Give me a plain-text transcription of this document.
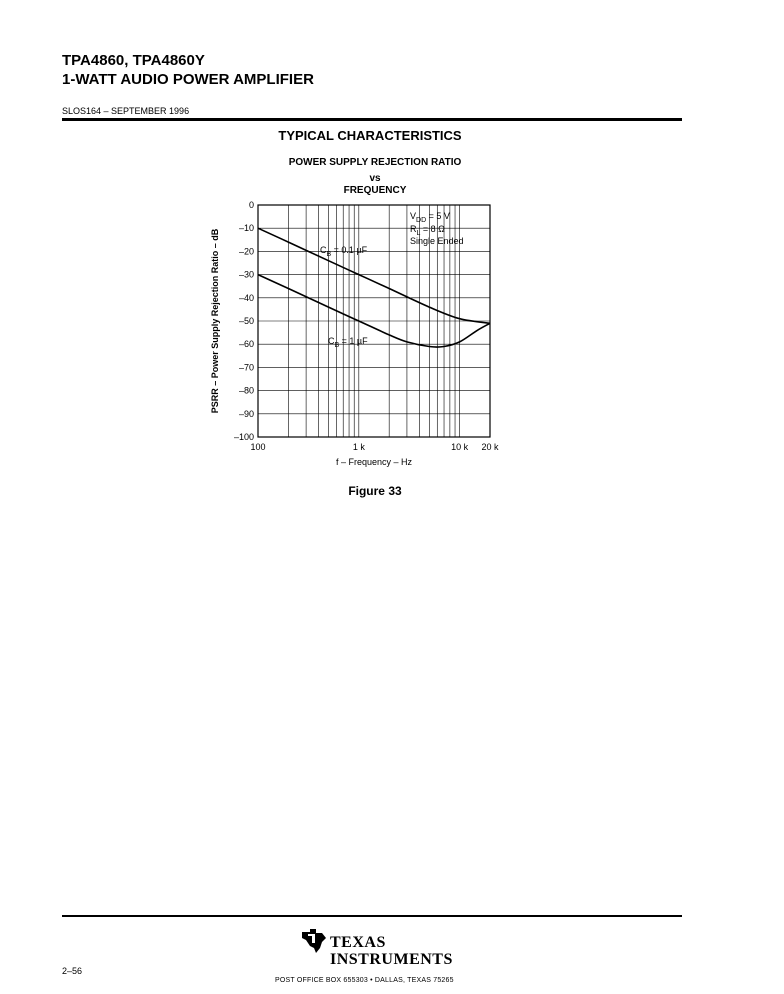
TPA4860, TPA4860Y
1-WATT AUDIO POWER AMPLIFIER
SLOS164 – SEPTEMBER 1996
TYPICAL CHARACTERISTICS
POWER SUPPLY REJECTION RATIO
vs
FREQUENCY
0
–10
–20
–30
–40
–50
–60
–70
–80
–90
–100
100	1 k	10 k 20 k
f – Frequency – Hz
PSRR – Power Supply Rejection Ratio – dB	$C_B = 0.1$ µF
$C_B = 1$ µF
$V_{DD} = 5$ V
$R_L = 8$ Ω
Single Ended
Figure 33
2–56
TEXAS
INSTRUMENTS
POST OFFICE BOX 655303 • DALLAS, TEXAS 75265
